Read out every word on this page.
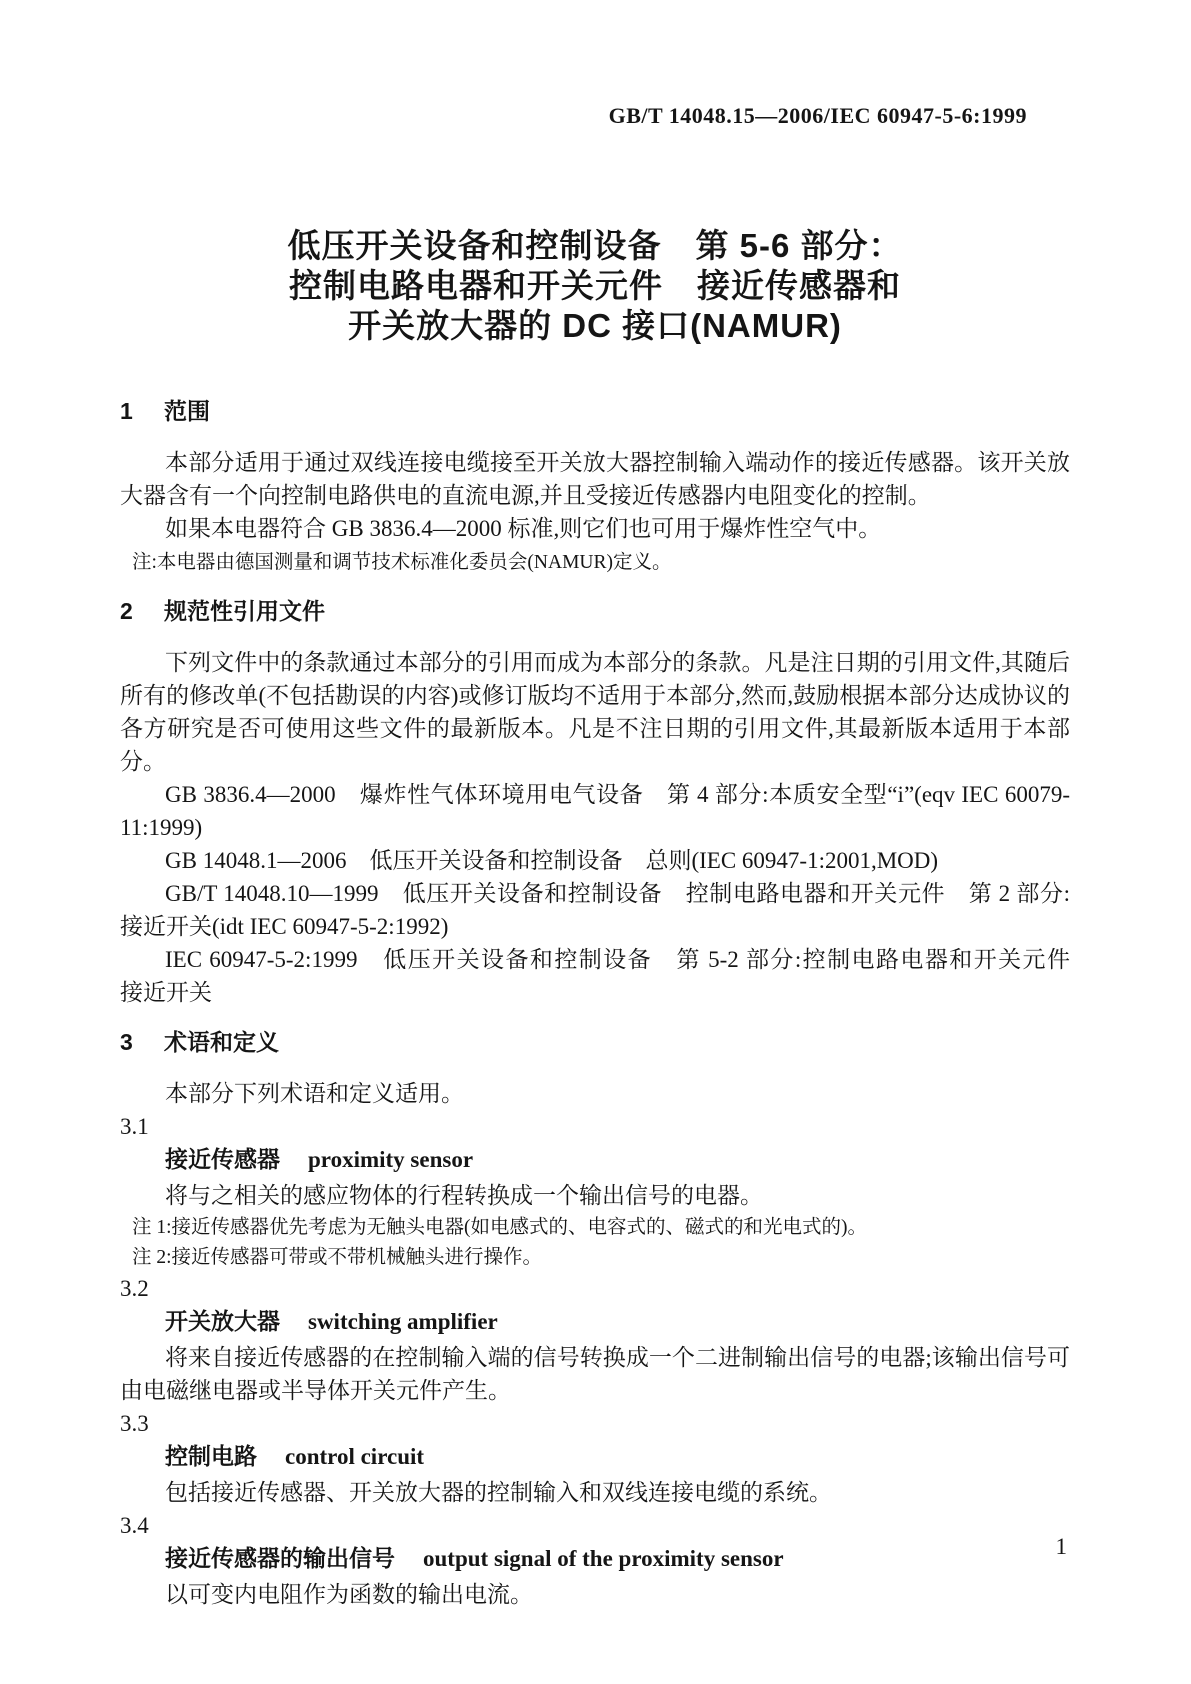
GB/T 14048.15—2006/IEC 60947-5-6:1999
低压开关设备和控制设备　第 5-6 部分：
控制电路电器和开关元件　接近传感器和
开关放大器的 DC 接口(NAMUR)
1 范围

本部分适用于通过双线连接电缆接至开关放大器控制输入端动作的接近传感器。该开关放大器含有一个向控制电路供电的直流电源,并且受接近传感器内电阻变化的控制。

如果本电器符合 GB 3836.4—2000 标准,则它们也可用于爆炸性空气中。

注:本电器由德国测量和调节技术标准化委员会(NAMUR)定义。

2 规范性引用文件

下列文件中的条款通过本部分的引用而成为本部分的条款。凡是注日期的引用文件,其随后所有的修改单(不包括勘误的内容)或修订版均不适用于本部分,然而,鼓励根据本部分达成协议的各方研究是否可使用这些文件的最新版本。凡是不注日期的引用文件,其最新版本适用于本部分。

GB 3836.4—2000　爆炸性气体环境用电气设备　第 4 部分:本质安全型“i”(eqv IEC 60079-11:1999)

GB 14048.1—2006　低压开关设备和控制设备　总则(IEC 60947-1:2001,MOD)

GB/T 14048.10—1999　低压开关设备和控制设备　控制电路电器和开关元件　第 2 部分:接近开关(idt IEC 60947-5-2:1992)

IEC 60947-5-2:1999　低压开关设备和控制设备　第 5-2 部分:控制电路电器和开关元件　接近开关

3 术语和定义

本部分下列术语和定义适用。

3.1

接近传感器 proximity sensor

将与之相关的感应物体的行程转换成一个输出信号的电器。

注 1:接近传感器优先考虑为无触头电器(如电感式的、电容式的、磁式的和光电式的)。

注 2:接近传感器可带或不带机械触头进行操作。

3.2

开关放大器 switching amplifier

将来自接近传感器的在控制输入端的信号转换成一个二进制输出信号的电器;该输出信号可由电磁继电器或半导体开关元件产生。

3.3

控制电路 control circuit

包括接近传感器、开关放大器的控制输入和双线连接电缆的系统。

3.4

接近传感器的输出信号 output signal of the proximity sensor

以可变内电阻作为函数的输出电流。

1
